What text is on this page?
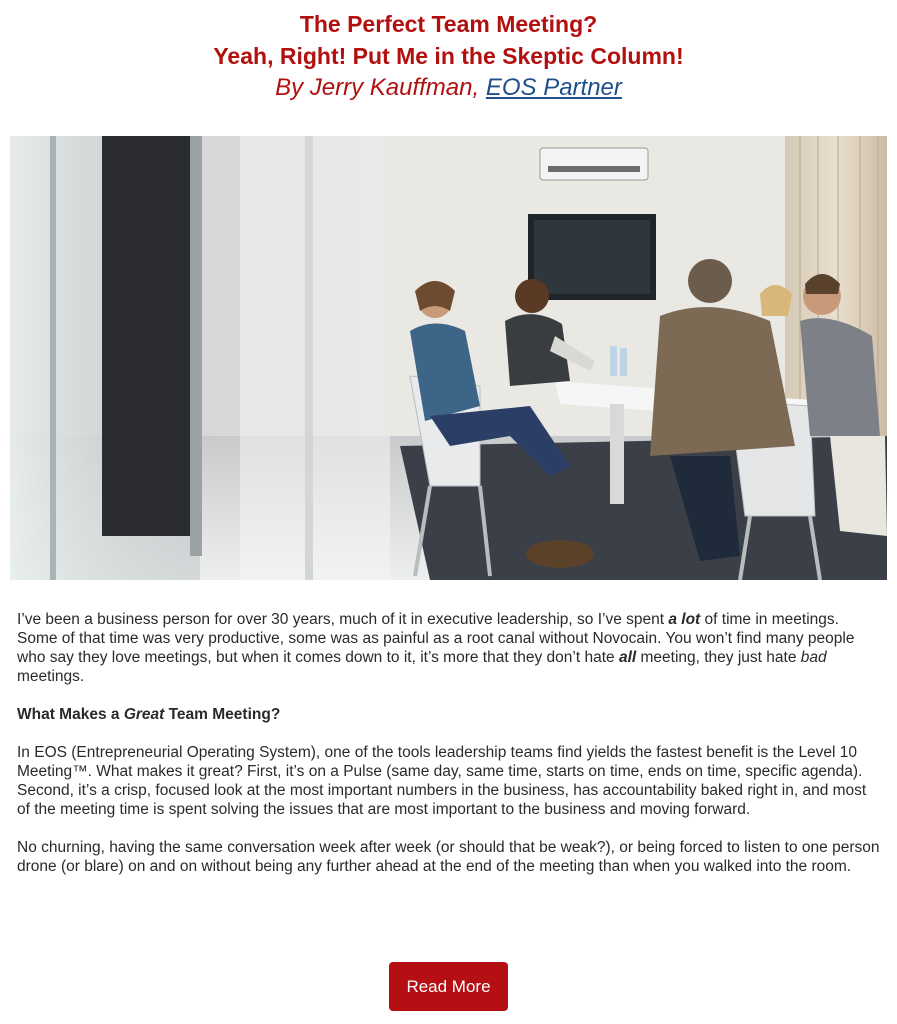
The Perfect Team Meeting?
Yeah, Right! Put Me in the Skeptic Column!
By Jerry Kauffman, EOS Partner

I’ve been a business person for over 30 years, much of it in executive leadership, so I’ve spent a lot of time in meetings. Some of that time was very productive, some was as painful as a root canal without Novocain. You won’t find many people who say they love meetings, but when it comes down to it, it’s more that they don’t hate all meeting, they just hate bad meetings.

What Makes a Great Team Meeting?

In EOS (Entrepreneurial Operating System), one of the tools leadership teams find yields the fastest benefit is the Level 10 Meeting™. What makes it great? First, it’s on a Pulse (same day, same time, starts on time, ends on time, specific agenda). Second, it’s a crisp, focused look at the most important numbers in the business, has accountability baked right in, and most of the meeting time is spent solving the issues that are most important to the business and moving forward.

No churning, having the same conversation week after week (or should that be weak?), or being forced to listen to one person drone (or blare) on and on without being any further ahead at the end of the meeting than when you walked into the room.

Read More
